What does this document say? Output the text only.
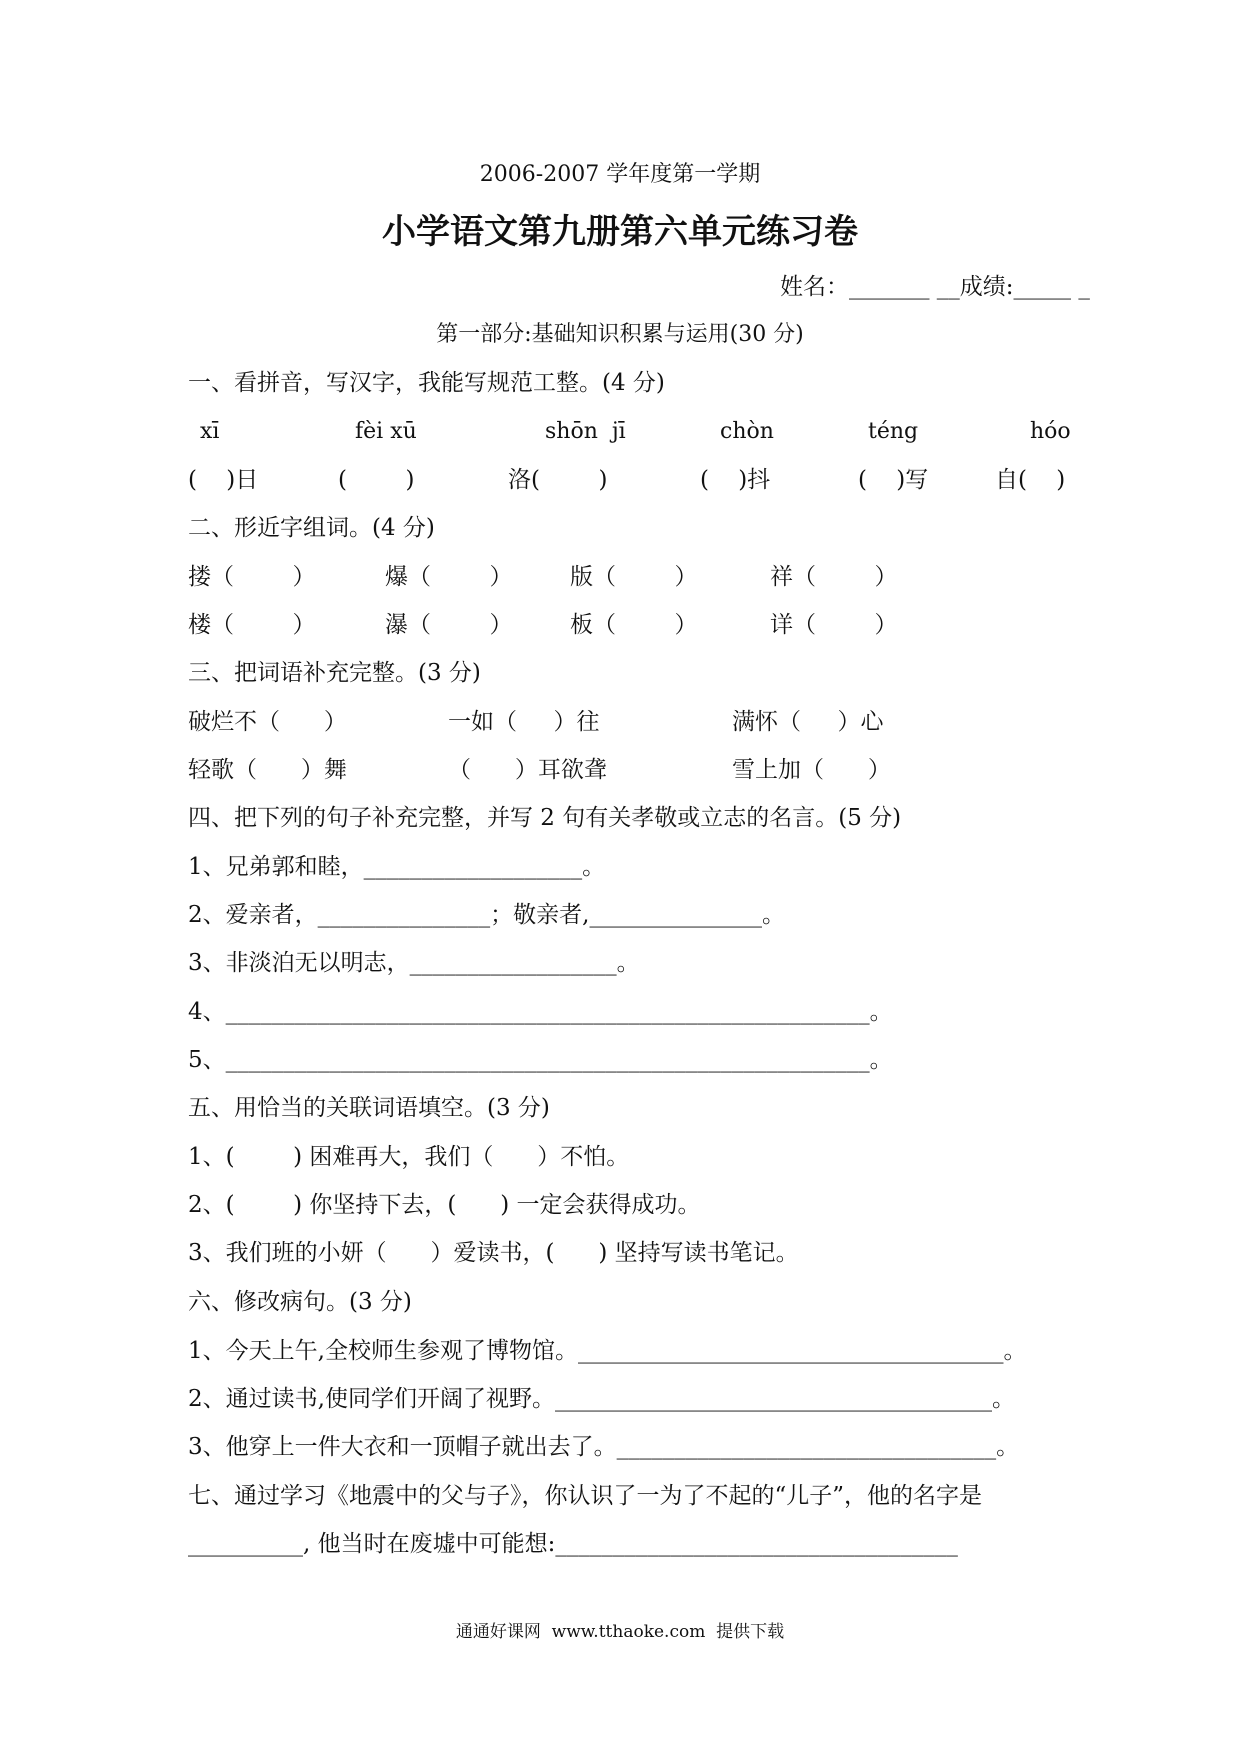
2006-2007 学年度第一学期
小学语文第九册第六单元练习卷
姓名：_______ __成绩:_____ _
第一部分:基础知识积累与运用(30 分)
一、看拼音，写汉字，我能写规范工整。(4 分)
xī	fèi xū	shōn  jī	chòn	téng	hóo
(    )日	(        )	洛(        )	(    )抖	(    )写	自(    )
二、形近字组词。(4 分)
搂（        ）	爆（        ）	版（        ）	祥（        ）
楼（        ）	瀑（        ）	板（        ）	详（        ）
三、把词语补充完整。(3 分)
破烂不（      ）	一如（     ）往	满怀（     ）心
轻歌（      ）舞	（      ）耳欲聋	雪上加（      ）
四、把下列的句子补充完整，并写 2 句有关孝敬或立志的名言。(5 分)
1、兄弟郭和睦，___________________。
2、爱亲者，_______________；敬亲者,_______________。
3、非淡泊无以明志，__________________。
4、________________________________________________________。
5、________________________________________________________。
五、用恰当的关联词语填空。(3 分)
1、(        ) 困难再大，我们（      ）不怕。
2、(        ) 你坚持下去，(      ) 一定会获得成功。
3、我们班的小妍（      ）爱读书，(      ) 坚持写读书笔记。
六、修改病句。(3 分)
1、今天上午,全校师生参观了博物馆。_____________________________________。
2、通过读书,使同学们开阔了视野。______________________________________。
3、他穿上一件大衣和一顶帽子就出去了。_________________________________。
七、通过学习《地震中的父与子》，你认识了一为了不起的“儿子”，他的名字是
__________, 他当时在废墟中可能想:___________________________________
通通好课网  www.tthaoke.com  提供下载
